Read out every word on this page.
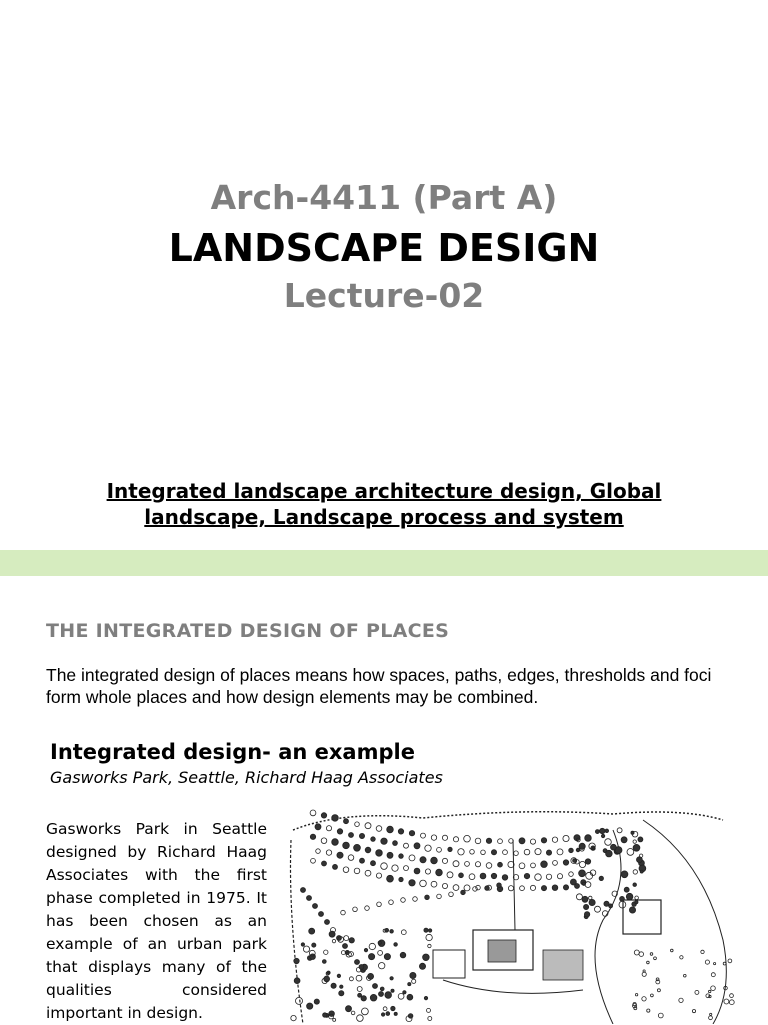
Arch-4411 (Part A)
LANDSCAPE DESIGN
Lecture-02
Integrated landscape architecture design, Global landscape, Landscape process and system
THE INTEGRATED DESIGN OF PLACES
The integrated design of places means how spaces, paths, edges, thresholds and foci form whole places and how design elements may be combined.
Integrated design- an example
Gasworks Park, Seattle, Richard Haag Associates
Gasworks Park in Seattle designed by Richard Haag Associates with the first phase completed in 1975. It has been chosen as an example of an urban park that displays many of the qualities considered important in design.
